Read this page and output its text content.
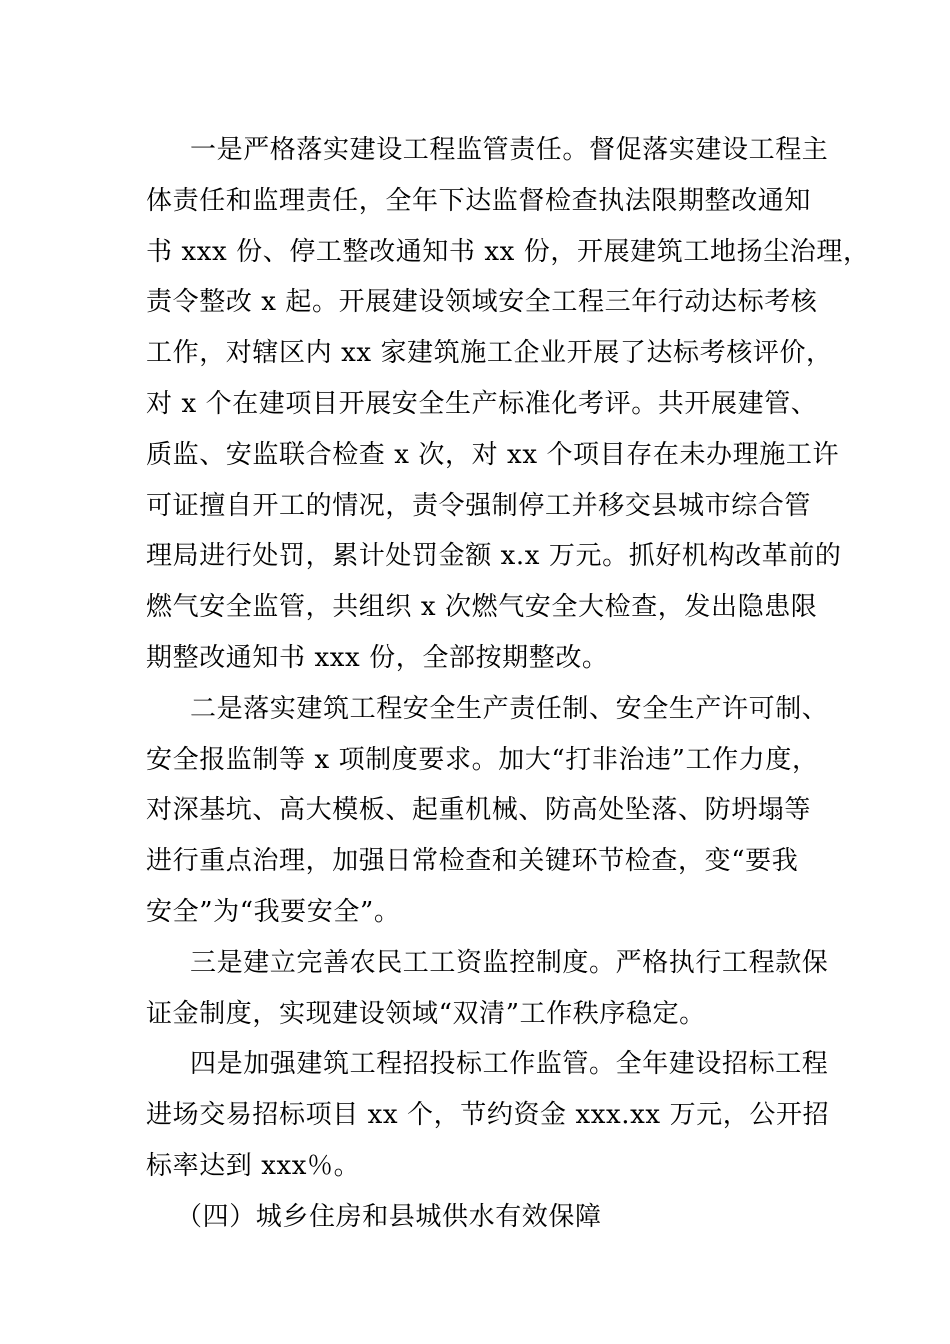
一是严格落实建设工程监管责任。督促落实建设工程主
体责任和监理责任，全年下达监督检查执法限期整改通知
书 xxx 份、停工整改通知书 xx 份，开展建筑工地扬尘治理，
责令整改 x 起。开展建设领域安全工程三年行动达标考核
工作，对辖区内 xx 家建筑施工企业开展了达标考核评价，
对 x 个在建项目开展安全生产标准化考评。共开展建管、
质监、安监联合检查 x 次，对 xx 个项目存在未办理施工许
可证擅自开工的情况，责令强制停工并移交县城市综合管
理局进行处罚，累计处罚金额 x.x 万元。抓好机构改革前的
燃气安全监管，共组织 x 次燃气安全大检查，发出隐患限
期整改通知书 xxx 份，全部按期整改。
二是落实建筑工程安全生产责任制、安全生产许可制、
安全报监制等 x 项制度要求。加大“打非治违”工作力度，
对深基坑、高大模板、起重机械、防高处坠落、防坍塌等
进行重点治理，加强日常检查和关键环节检查，变“要我
安全”为“我要安全”。
三是建立完善农民工工资监控制度。严格执行工程款保
证金制度，实现建设领域“双清”工作秩序稳定。
四是加强建筑工程招投标工作监管。全年建设招标工程
进场交易招标项目 xx 个，节约资金 xxx.xx 万元，公开招
标率达到 xxx％。
（四）城乡住房和县城供水有效保障
